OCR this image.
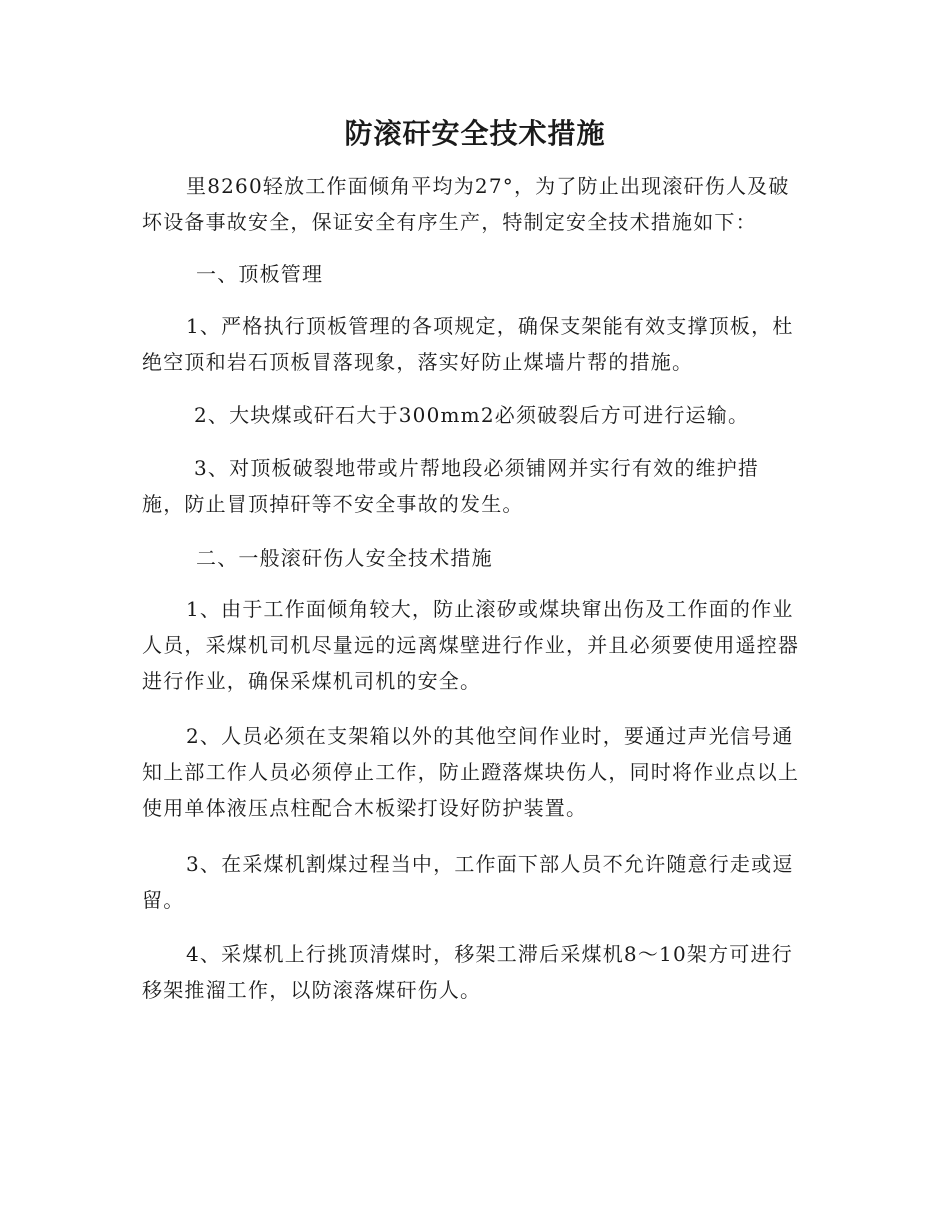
防滚矸安全技术措施

里8260轻放工作面倾角平均为27°，为了防止出现滚矸伤人及破坏设备事故安全，保证安全有序生产，特制定安全技术措施如下：

一、顶板管理

1、严格执行顶板管理的各项规定，确保支架能有效支撑顶板，杜绝空顶和岩石顶板冒落现象，落实好防止煤墙片帮的措施。

2、大块煤或矸石大于300mm2必须破裂后方可进行运输。

3、对顶板破裂地带或片帮地段必须铺网并实行有效的维护措施，防止冒顶掉矸等不安全事故的发生。

二、一般滚矸伤人安全技术措施

1、由于工作面倾角较大，防止滚矽或煤块窜出伤及工作面的作业人员，采煤机司机尽量远的远离煤壁进行作业，并且必须要使用遥控器进行作业，确保采煤机司机的安全。

2、人员必须在支架箱以外的其他空间作业时，要通过声光信号通知上部工作人员必须停止工作，防止蹬落煤块伤人，同时将作业点以上使用单体液压点柱配合木板梁打设好防护装置。

3、在采煤机割煤过程当中，工作面下部人员不允许随意行走或逗留。

4、采煤机上行挑顶清煤时，移架工滞后采煤机8～10架方可进行移架推溜工作，以防滚落煤矸伤人。
